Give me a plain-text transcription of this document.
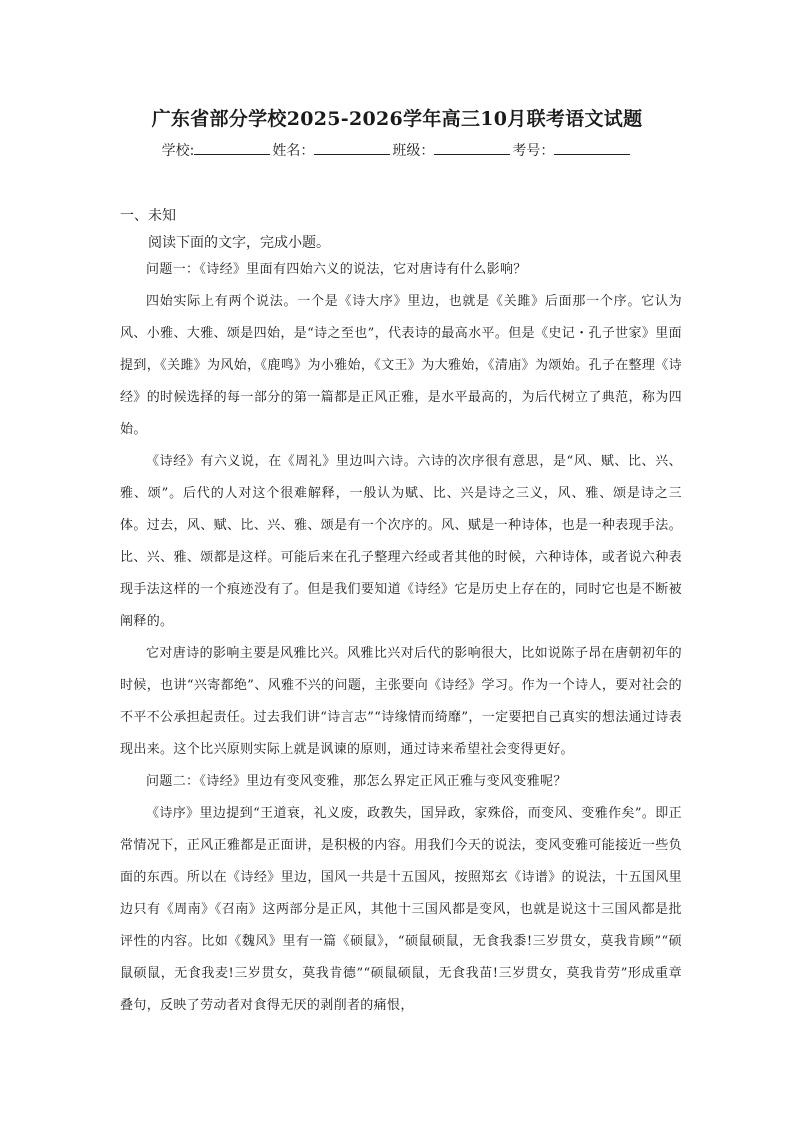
广东省部分学校2025-2026学年高三10月联考语文试题
学校:	姓名：	班级：	考号：
一、未知
阅读下面的文字，完成小题。

问题一：《诗经》里面有四始六义的说法，它对唐诗有什么影响？

四始实际上有两个说法。一个是《诗大序》里边，也就是《关雎》后面那一个序。它认为风、小雅、大雅、颂是四始，是“诗之至也”，代表诗的最高水平。但是《史记・孔子世家》里面提到，《关雎》为风始，《鹿鸣》为小雅始，《文王》为大雅始，《清庙》为颂始。孔子在整理《诗经》的时候选择的每一部分的第一篇都是正风正雅，是水平最高的，为后代树立了典范，称为四始。

《诗经》有六义说，在《周礼》里边叫六诗。六诗的次序很有意思，是“风、赋、比、兴、雅、颂”。后代的人对这个很难解释，一般认为赋、比、兴是诗之三义，风、雅、颂是诗之三体。过去，风、赋、比、兴、雅、颂是有一个次序的。风、赋是一种诗体，也是一种表现手法。比、兴、雅、颂都是这样。可能后来在孔子整理六经或者其他的时候，六种诗体，或者说六种表现手法这样的一个痕迹没有了。但是我们要知道《诗经》它是历史上存在的，同时它也是不断被阐释的。

它对唐诗的影响主要是风雅比兴。风雅比兴对后代的影响很大，比如说陈子昂在唐朝初年的时候，也讲“兴寄都绝”、风雅不兴的问题，主张要向《诗经》学习。作为一个诗人，要对社会的不平不公承担起责任。过去我们讲“诗言志”“诗缘情而绮靡”，一定要把自己真实的想法通过诗表现出来。这个比兴原则实际上就是讽谏的原则，通过诗来希望社会变得更好。

问题二：《诗经》里边有变风变雅，那怎么界定正风正雅与变风变雅呢？

《诗序》里边提到“王道衰，礼义废，政教失，国异政，家殊俗，而变风、变雅作矣”。即正常情况下，正风正雅都是正面讲，是积极的内容。用我们今天的说法，变风变雅可能接近一些负面的东西。所以在《诗经》里边，国风一共是十五国风，按照郑玄《诗谱》的说法，十五国风里边只有《周南》《召南》这两部分是正风，其他十三国风都是变风，也就是说这十三国风都是批评性的内容。比如《魏风》里有一篇《硕鼠》，“硕鼠硕鼠，无食我黍!三岁贯女，莫我肯顾”“硕鼠硕鼠，无食我麦!三岁贯女，莫我肯德”“硕鼠硕鼠，无食我苗!三岁贯女，莫我肯劳”形成重章叠句，反映了劳动者对食得无厌的剥削者的痛恨，
